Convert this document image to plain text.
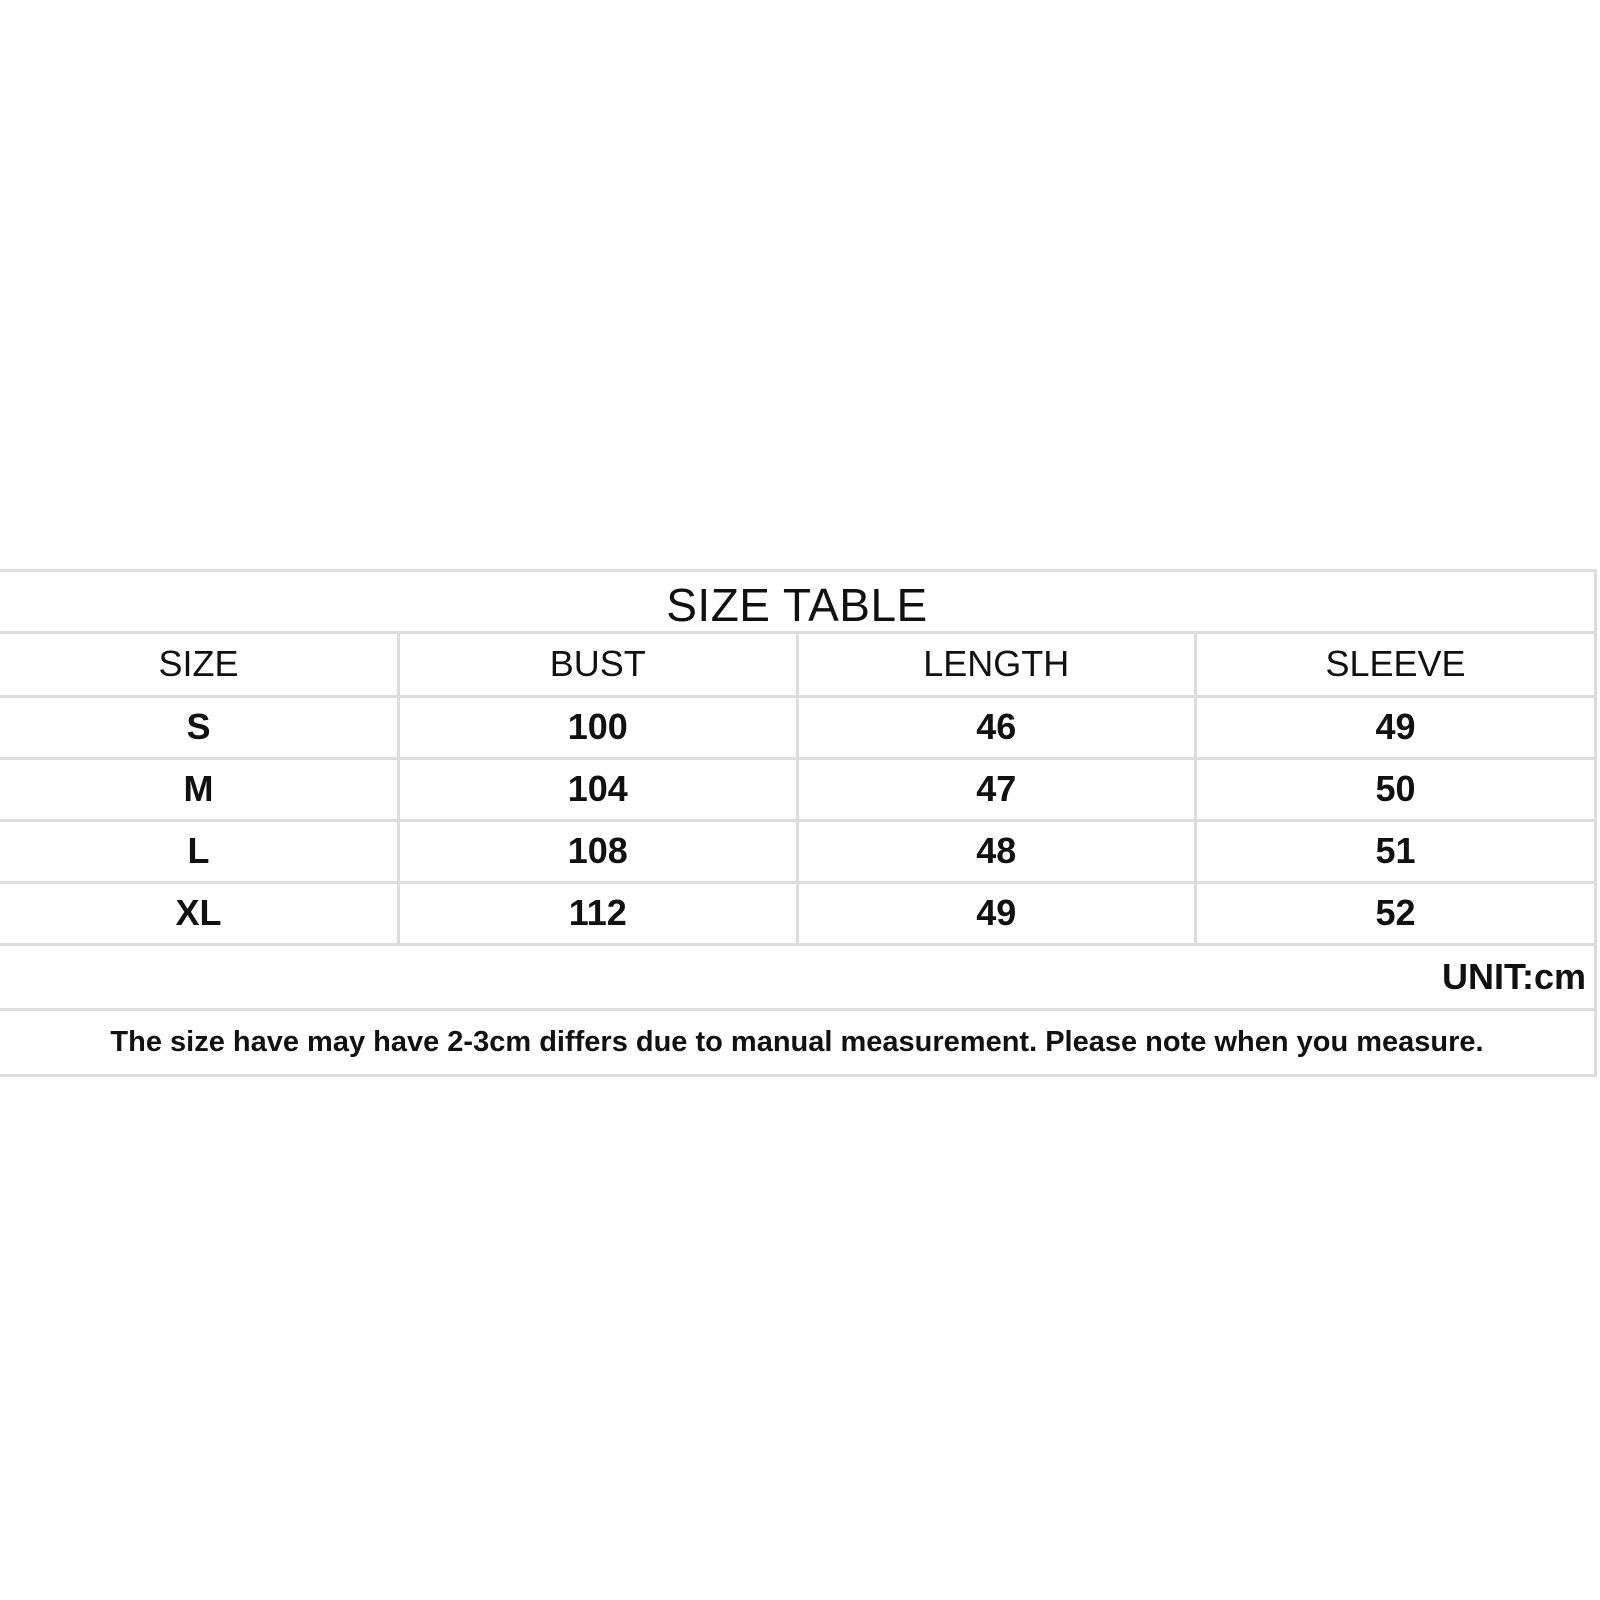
SIZE TABLE
SIZE	BUST	LENGTH	SLEEVE
S	100	46	49
M	104	47	50
L	108	48	51
XL	112	49	52
UNIT:cm
The size have may have 2-3cm differs due to manual measurement. Please note when you measure.
